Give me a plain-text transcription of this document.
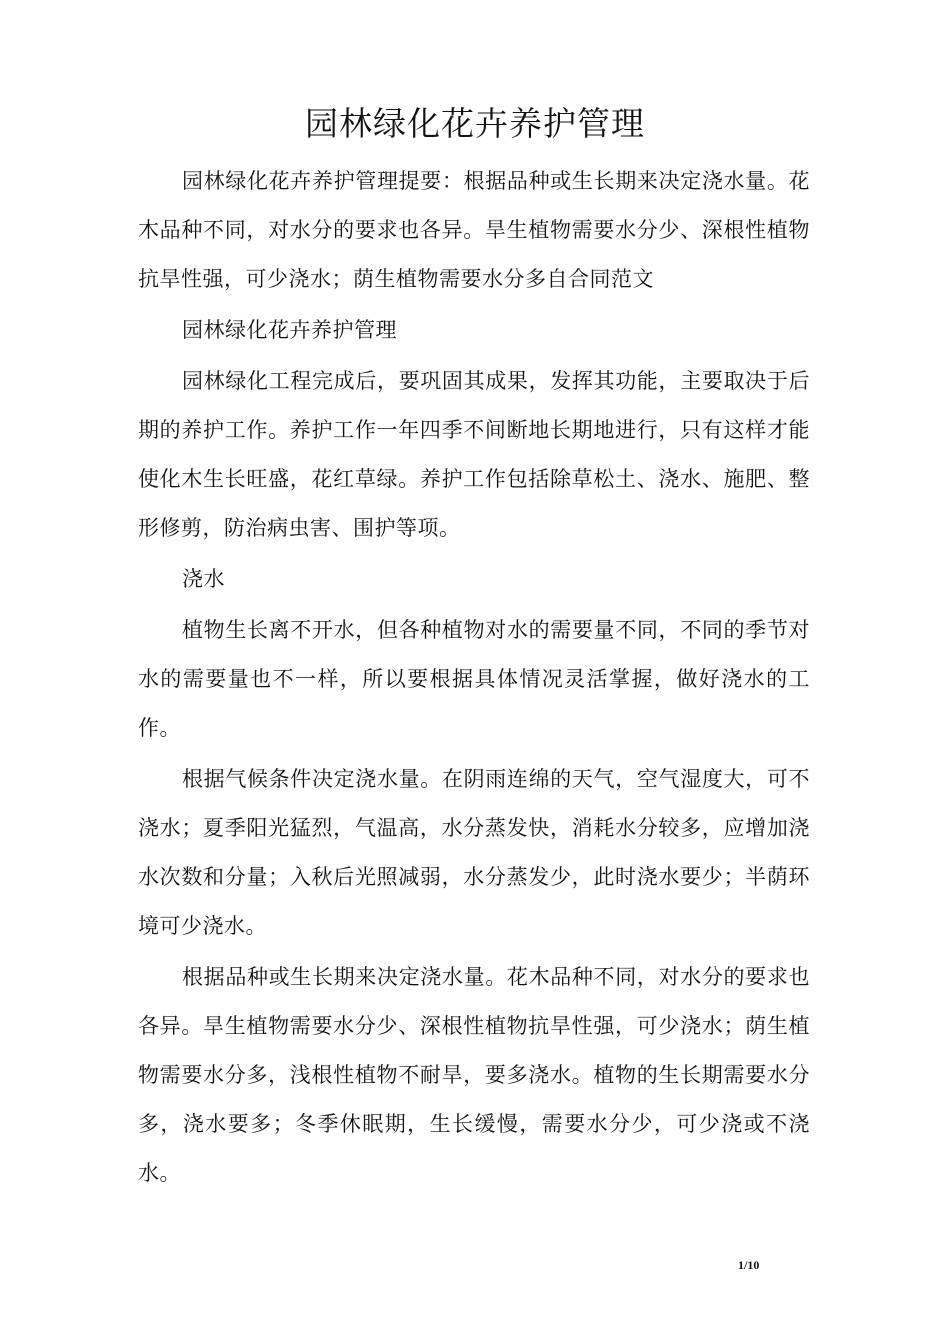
园林绿化花卉养护管理

园林绿化花卉养护管理提要：根据品种或生长期来决定浇水量。花木品种不同，对水分的要求也各异。旱生植物需要水分少、深根性植物抗旱性强，可少浇水；荫生植物需要水分多自合同范文

园林绿化花卉养护管理

园林绿化工程完成后，要巩固其成果，发挥其功能，主要取决于后期的养护工作。养护工作一年四季不间断地长期地进行，只有这样才能使化木生长旺盛，花红草绿。养护工作包括除草松土、浇水、施肥、整形修剪，防治病虫害、围护等项。

浇水

植物生长离不开水，但各种植物对水的需要量不同，不同的季节对水的需要量也不一样，所以要根据具体情况灵活掌握，做好浇水的工作。

根据气候条件决定浇水量。在阴雨连绵的天气，空气湿度大，可不浇水；夏季阳光猛烈，气温高，水分蒸发快，消耗水分较多，应增加浇水次数和分量；入秋后光照减弱，水分蒸发少，此时浇水要少；半荫环境可少浇水。

根据品种或生长期来决定浇水量。花木品种不同，对水分的要求也各异。旱生植物需要水分少、深根性植物抗旱性强，可少浇水；荫生植物需要水分多，浅根性植物不耐旱，要多浇水。植物的生长期需要水分多，浇水要多；冬季休眠期，生长缓慢，需要水分少，可少浇或不浇水。

1/10
